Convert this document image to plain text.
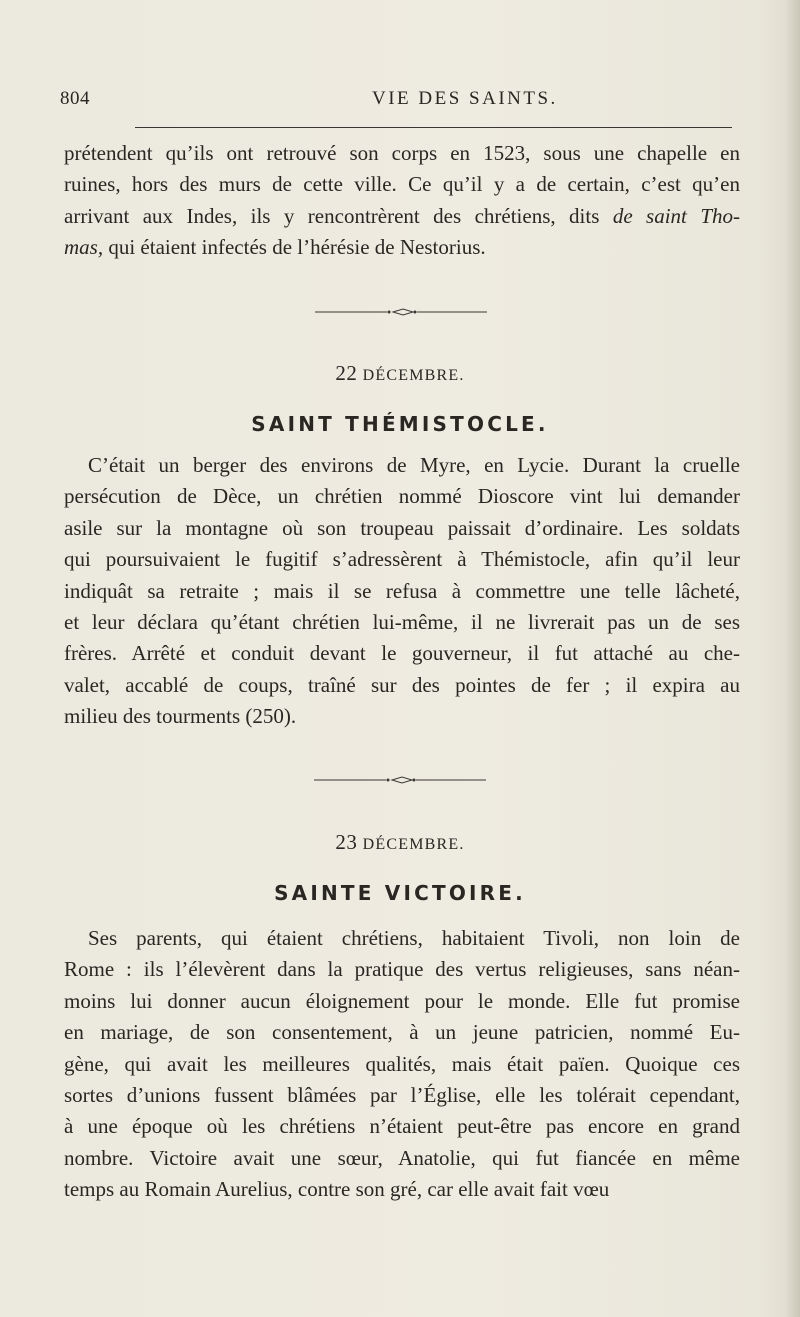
804	VIE DES SAINTS.
prétendent qu’ils ont retrouvé son corps en 1523, sous une chapelle en
ruines, hors des murs de cette ville. Ce qu’il y a de certain, c’est qu’en
arrivant aux Indes, ils y rencontrèrent des chrétiens, dits de saint Tho-
mas, qui étaient infectés de l’hérésie de Nestorius.
22 DÉCEMBRE.
SAINT THÉMISTOCLE.
C’était un berger des environs de Myre, en Lycie. Durant la cruelle
persécution de Dèce, un chrétien nommé Dioscore vint lui demander
asile sur la montagne où son troupeau paissait d’ordinaire. Les soldats
qui poursuivaient le fugitif s’adressèrent à Thémistocle, afin qu’il leur
indiquât sa retraite ; mais il se refusa à commettre une telle lâcheté,
et leur déclara qu’étant chrétien lui-même, il ne livrerait pas un de ses
frères. Arrêté et conduit devant le gouverneur, il fut attaché au che-
valet, accablé de coups, traîné sur des pointes de fer ; il expira au
milieu des tourments (250).
23 DÉCEMBRE.
SAINTE VICTOIRE.
Ses parents, qui étaient chrétiens, habitaient Tivoli, non loin de
Rome : ils l’élevèrent dans la pratique des vertus religieuses, sans néan-
moins lui donner aucun éloignement pour le monde. Elle fut promise
en mariage, de son consentement, à un jeune patricien, nommé Eu-
gène, qui avait les meilleures qualités, mais était païen. Quoique ces
sortes d’unions fussent blâmées par l’Église, elle les tolérait cependant,
à une époque où les chrétiens n’étaient peut-être pas encore en grand
nombre. Victoire avait une sœur, Anatolie, qui fut fiancée en même
temps au Romain Aurelius, contre son gré, car elle avait fait vœu
